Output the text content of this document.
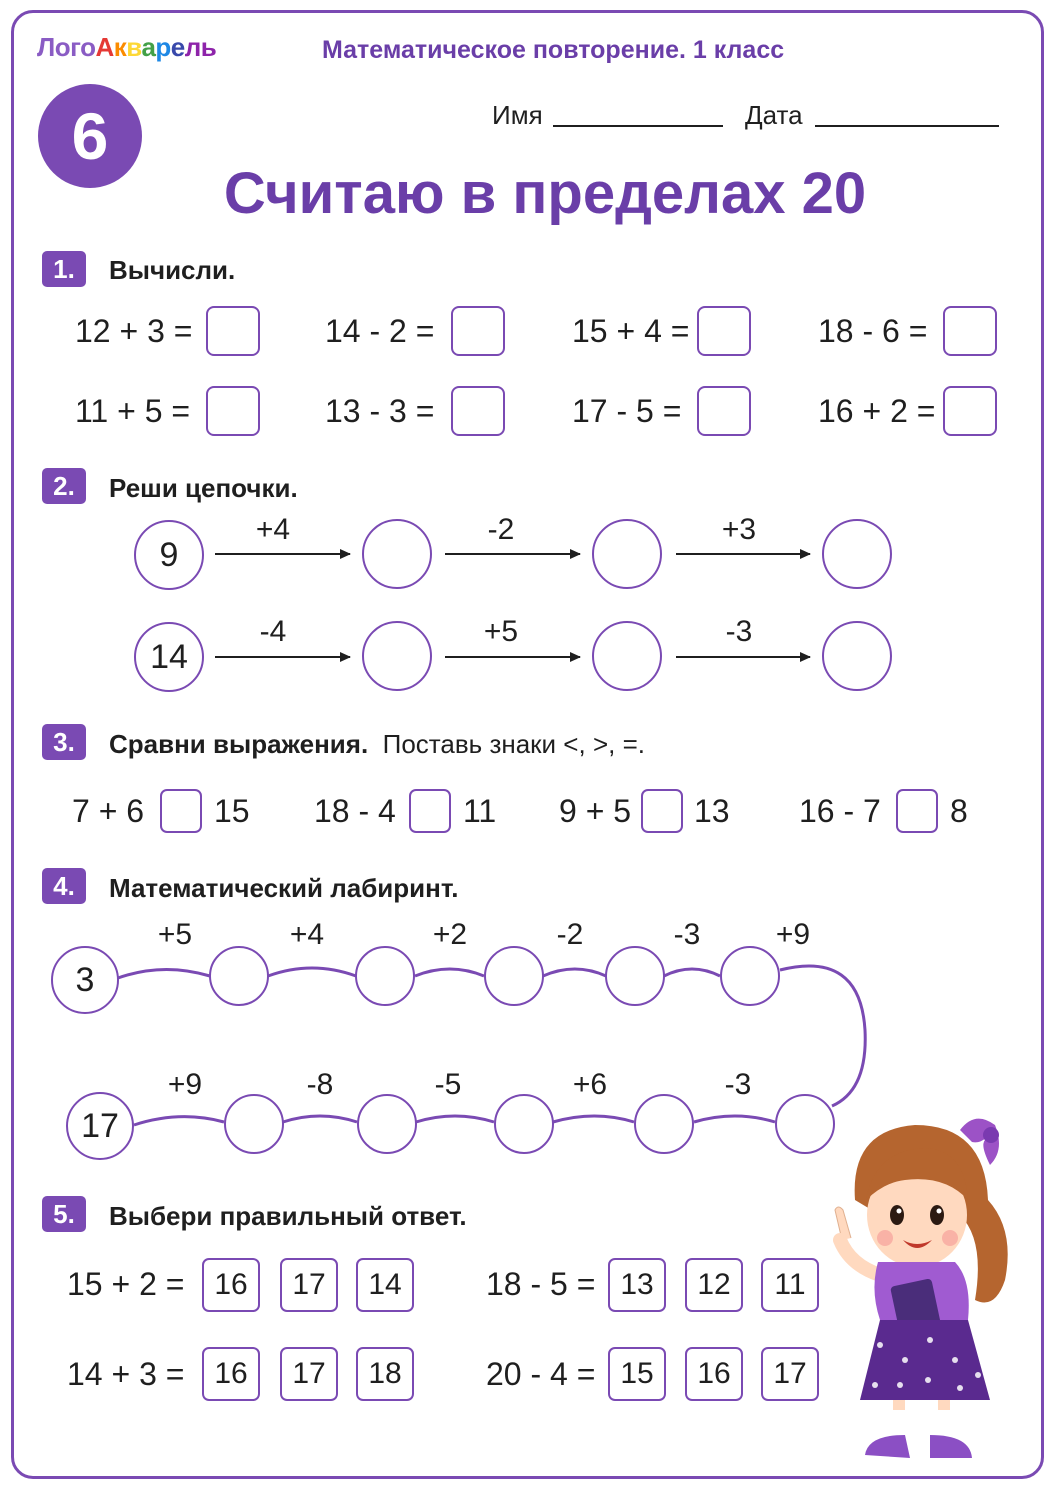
ЛогоАкварель	Математическое повторение. 1 класс
6	Имя	Дата
Считаю в пределах 20
1.	Вычисли.
2.	Реши цепочки.
3.	Сравни выражения. Поставь знаки <, >, =.
4.	Математический лабиринт.
5.	Выбери правильный ответ.
12 + 3 =	14 - 2 =	15 + 4 =	18 - 6 =
11 + 5 =	13 - 3 =	17 - 5 =	16 + 2 =
9
+4	-2	+3
14
-4	+5	-3
7 + 6 15 18 - 4 11 9 + 5 13 16 - 7 8
3
+5	+4	+2	-2	-3	+9
17
+9	-8	-5	+6	-3
15 + 2 = 16	17	14	18 - 5 = 13	12	11
14 + 3 = 16	17	18	20 - 4 = 15	16	17
